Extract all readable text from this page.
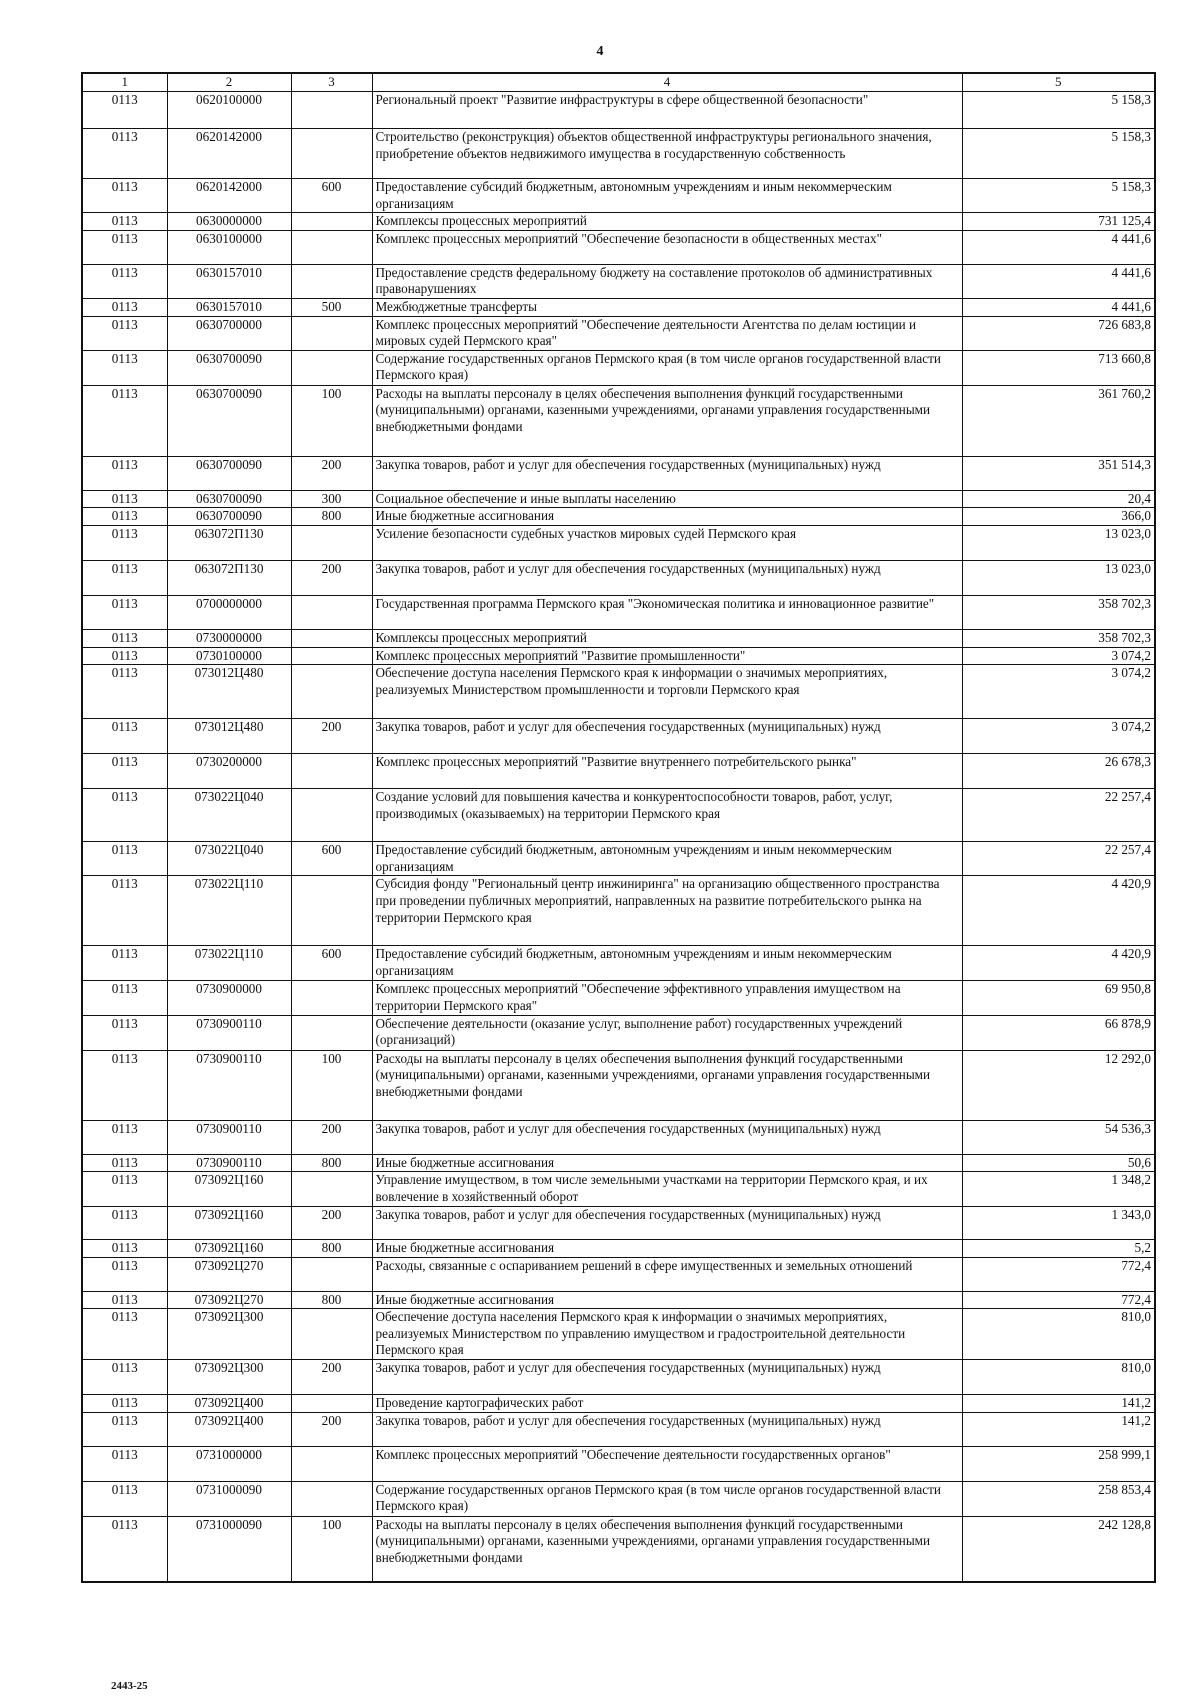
4
1	2	3	4	5
0113	0620100000		Региональный проект "Развитие инфраструктуры в сфере общественной безопасности"	5 158,3
0113	0620142000		Строительство (реконструкция) объектов общественной инфраструктуры регионального значения, приобретение объектов недвижимого имущества в государственную собственность	5 158,3
0113	0620142000	600	Предоставление субсидий бюджетным, автономным учреждениям и иным некоммерческим организациям	5 158,3
0113	0630000000		Комплексы процессных мероприятий	731 125,4
0113	0630100000		Комплекс процессных мероприятий "Обеспечение безопасности в общественных местах"	4 441,6
0113	0630157010		Предоставление средств федеральному бюджету на составление протоколов об административных правонарушениях	4 441,6
0113	0630157010	500	Межбюджетные трансферты	4 441,6
0113	0630700000		Комплекс процессных мероприятий "Обеспечение деятельности Агентства по делам юстиции и мировых судей Пермского края"	726 683,8
0113	0630700090		Содержание государственных органов Пермского края (в том числе органов государственной власти Пермского края)	713 660,8
0113	0630700090	100	Расходы на выплаты персоналу в целях обеспечения выполнения функций государственными (муниципальными) органами, казенными учреждениями, органами управления государственными внебюджетными фондами	361 760,2
0113	0630700090	200	Закупка товаров, работ и услуг для обеспечения государственных (муниципальных) нужд	351 514,3
0113	0630700090	300	Социальное обеспечение и иные выплаты населению	20,4
0113	0630700090	800	Иные бюджетные ассигнования	366,0
0113	063072П130		Усиление безопасности судебных участков мировых судей Пермского края	13 023,0
0113	063072П130	200	Закупка товаров, работ и услуг для обеспечения государственных (муниципальных) нужд	13 023,0
0113	0700000000		Государственная программа Пермского края "Экономическая политика и инновационное развитие"	358 702,3
0113	0730000000		Комплексы процессных мероприятий	358 702,3
0113	0730100000		Комплекс процессных мероприятий "Развитие промышленности"	3 074,2
0113	073012Ц480		Обеспечение доступа населения Пермского края к информации о значимых мероприятиях, реализуемых Министерством промышленности и торговли Пермского края	3 074,2
0113	073012Ц480	200	Закупка товаров, работ и услуг для обеспечения государственных (муниципальных) нужд	3 074,2
0113	0730200000		Комплекс процессных мероприятий "Развитие внутреннего потребительского рынка"	26 678,3
0113	073022Ц040		Создание условий для повышения качества и конкурентоспособности товаров, работ, услуг, производимых (оказываемых) на территории Пермского края	22 257,4
0113	073022Ц040	600	Предоставление субсидий бюджетным, автономным учреждениям и иным некоммерческим организациям	22 257,4
0113	073022Ц110		Субсидия фонду "Региональный центр инжиниринга" на организацию общественного пространства при проведении публичных мероприятий, направленных на развитие потребительского рынка на территории Пермского края	4 420,9
0113	073022Ц110	600	Предоставление субсидий бюджетным, автономным учреждениям и иным некоммерческим организациям	4 420,9
0113	0730900000		Комплекс процессных мероприятий "Обеспечение эффективного управления имуществом на территории Пермского края"	69 950,8
0113	0730900110		Обеспечение деятельности (оказание услуг, выполнение работ) государственных учреждений (организаций)	66 878,9
0113	0730900110	100	Расходы на выплаты персоналу в целях обеспечения выполнения функций государственными (муниципальными) органами, казенными учреждениями, органами управления государственными внебюджетными фондами	12 292,0
0113	0730900110	200	Закупка товаров, работ и услуг для обеспечения государственных (муниципальных) нужд	54 536,3
0113	0730900110	800	Иные бюджетные ассигнования	50,6
0113	073092Ц160		Управление имуществом, в том числе земельными участками на территории Пермского края, и их вовлечение в хозяйственный оборот	1 348,2
0113	073092Ц160	200	Закупка товаров, работ и услуг для обеспечения государственных (муниципальных) нужд	1 343,0
0113	073092Ц160	800	Иные бюджетные ассигнования	5,2
0113	073092Ц270		Расходы, связанные с оспариванием решений в сфере имущественных и земельных отношений	772,4
0113	073092Ц270	800	Иные бюджетные ассигнования	772,4
0113	073092Ц300		Обеспечение доступа населения Пермского края к информации о значимых мероприятиях, реализуемых Министерством по управлению имуществом и градостроительной деятельности Пермского края	810,0
0113	073092Ц300	200	Закупка товаров, работ и услуг для обеспечения государственных (муниципальных) нужд	810,0
0113	073092Ц400		Проведение картографических работ	141,2
0113	073092Ц400	200	Закупка товаров, работ и услуг для обеспечения государственных (муниципальных) нужд	141,2
0113	0731000000		Комплекс процессных мероприятий "Обеспечение деятельности государственных органов"	258 999,1
0113	0731000090		Содержание государственных органов Пермского края (в том числе органов государственной власти Пермского края)	258 853,4
0113	0731000090	100	Расходы на выплаты персоналу в целях обеспечения выполнения функций государственными (муниципальными) органами, казенными учреждениями, органами управления государственными внебюджетными фондами	242 128,8
2443-25
